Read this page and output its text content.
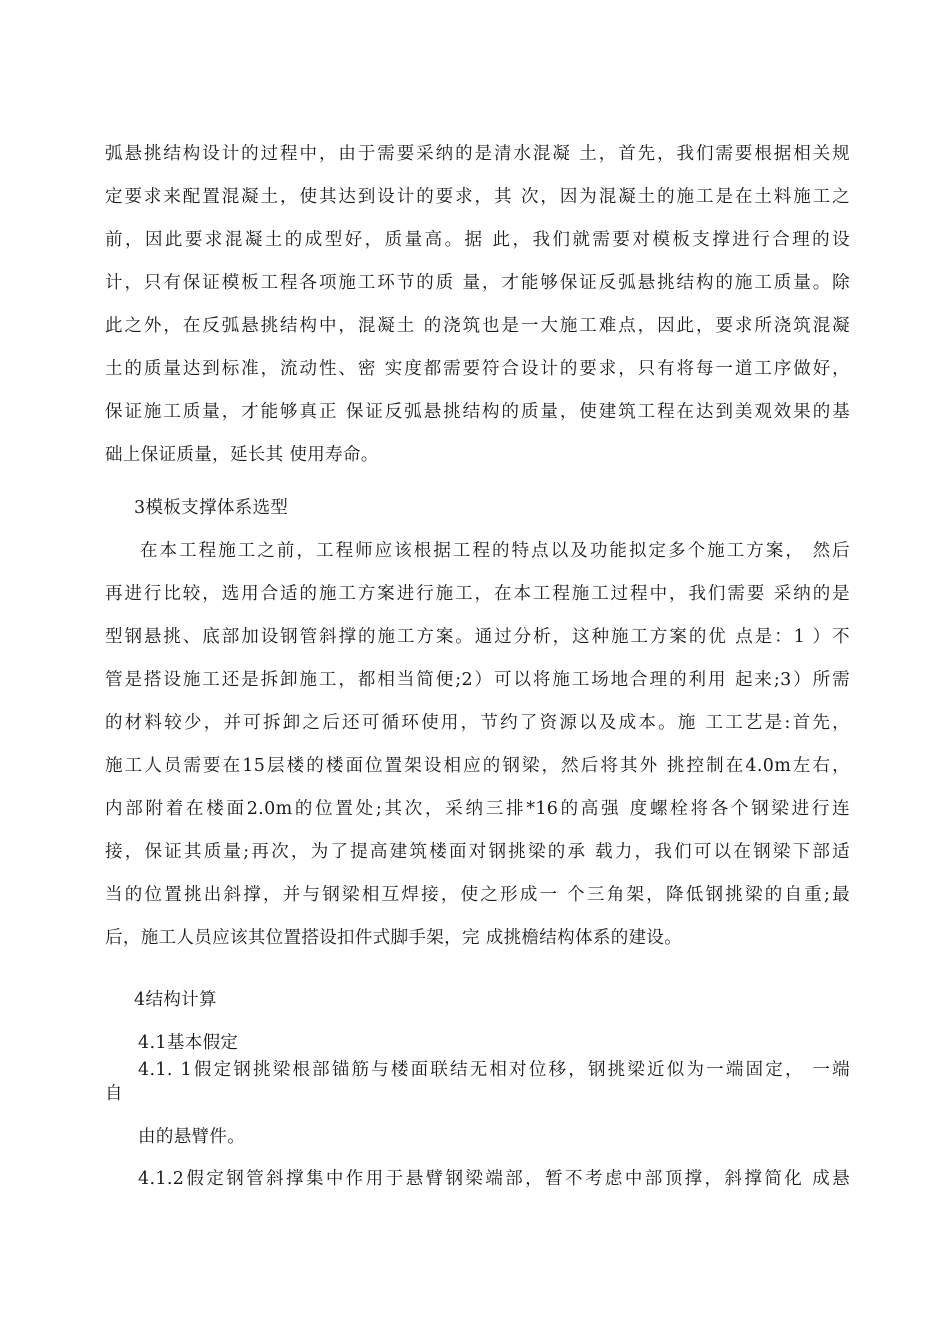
弧悬挑结构设计的过程中，由于需要采纳的是清水混凝 土，首先，我们需要根据相关规
定要求来配置混凝土，使其达到设计的要求，其 次，因为混凝土的施工是在土料施工之
前，因此要求混凝土的成型好，质量高。据 此，我们就需要对模板支撑进行合理的设
计，只有保证模板工程各项施工环节的质 量，才能够保证反弧悬挑结构的施工质量。除
此之外，在反弧悬挑结构中，混凝土 的浇筑也是一大施工难点，因此，要求所浇筑混凝
土的质量达到标准，流动性、密 实度都需要符合设计的要求，只有将每一道工序做好，
保证施工质量，才能够真正 保证反弧悬挑结构的质量，使建筑工程在达到美观效果的基
础上保证质量，延长其 使用寿命。
3模板支撑体系选型
在本工程施工之前，工程师应该根据工程的特点以及功能拟定多个施工方案， 然后
再进行比较，选用合适的施工方案进行施工，在本工程施工过程中，我们需要 采纳的是
型钢悬挑、底部加设钢管斜撑的施工方案。通过分析，这种施工方案的优 点是：1 ）不
管是搭设施工还是拆卸施工，都相当简便;2）可以将施工场地合理的利用 起来;3）所需
的材料较少，并可拆卸之后还可循环使用，节约了资源以及成本。施 工工艺是:首先，
施工人员需要在15层楼的楼面位置架设相应的钢梁，然后将其外 挑控制在4.0m左右，
内部附着在楼面2.0m的位置处;其次，采纳三排*16的高强 度螺栓将各个钢梁进行连
接，保证其质量;再次，为了提高建筑楼面对钢挑梁的承 载力，我们可以在钢梁下部适
当的位置挑出斜撑，并与钢梁相互焊接，使之形成一 个三角架，降低钢挑梁的自重;最
后，施工人员应该其位置搭设扣件式脚手架，完 成挑檐结构体系的建设。
4结构计算
4.1基本假定
4.1. 1假定钢挑梁根部锚筋与楼面联结无相对位移，钢挑梁近似为一端固定， 一端
自
由的悬臂件。
4.1.2假定钢管斜撑集中作用于悬臂钢梁端部，暂不考虑中部顶撑，斜撑简化 成悬
